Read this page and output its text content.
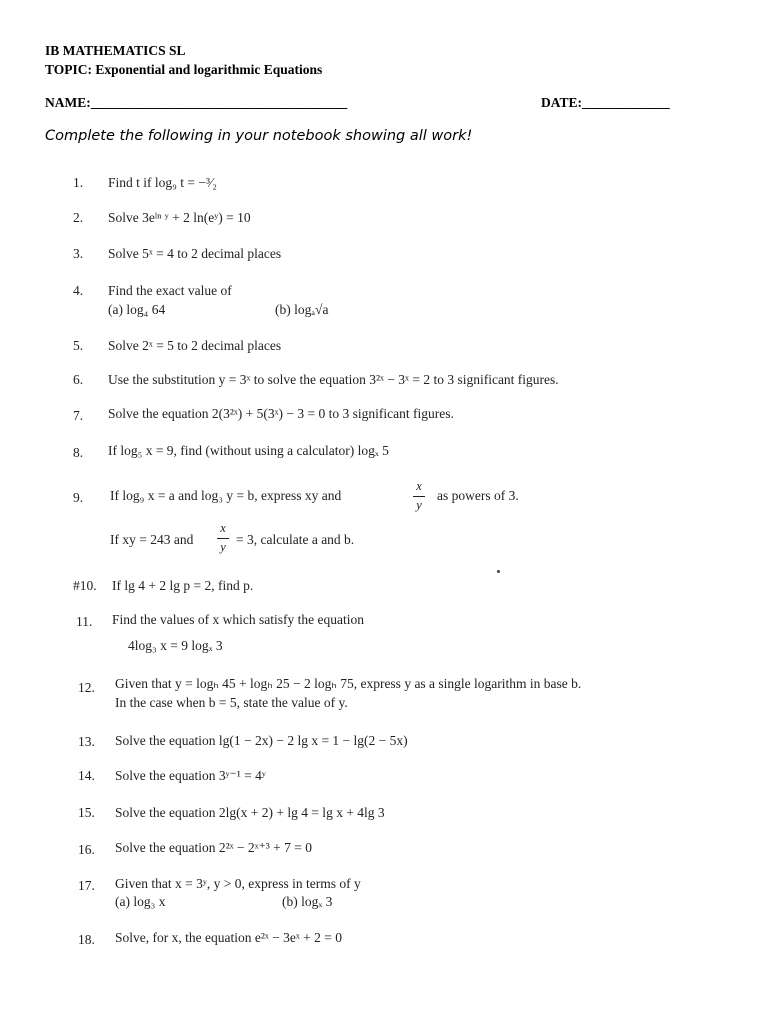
IB MATHEMATICS SL
TOPIC: Exponential and logarithmic Equations
NAME:______________________________________	DATE:_____________
Complete the following in your notebook showing all work!
1. Find t if log₉ t = −³⁄₂
2. Solve 3eˡⁿ ʸ + 2 ln(eʸ) = 10
3. Solve 5ˣ = 4 to 2 decimal places
4. Find the exact value of
(a) log₄ 64	(b) logₐ√a
5. Solve 2ˣ = 5 to 2 decimal places
6. Use the substitution y = 3ˣ to solve the equation 3²ˣ − 3ˣ = 2 to 3 significant figures.
7. Solve the equation 2(3²ˣ) + 5(3ˣ) − 3 = 0 to 3 significant figures.
8. If log₅ x = 9, find (without using a calculator) logₓ 5
9. If log₉ x = a and log₃ y = b, express xy and
x
y
as powers of 3.
If xy = 243 and
x
y = 3, calculate a and b.
#10. If lg 4 + 2 lg p = 2, find p.
11. Find the values of x which satisfy the equation
4log₃ x = 9 logₓ 3
12. Given that y = logₕ 45 + logₕ 25 − 2 logₕ 75, express y as a single logarithm in base b.
In the case when b = 5, state the value of y.
13. Solve the equation lg(1 − 2x) − 2 lg x = 1 − lg(2 − 5x)
14. Solve the equation 3ʸ⁻¹ = 4ʸ
15. Solve the equation 2lg(x + 2) + lg 4 = lg x + 4lg 3
16. Solve the equation 2²ˣ − 2ˣ⁺³ + 7 = 0
17. Given that x = 3ʸ, y > 0, express in terms of y
(a) log₃ x	(b) logₓ 3
18. Solve, for x, the equation e²ˣ − 3eˣ + 2 = 0
